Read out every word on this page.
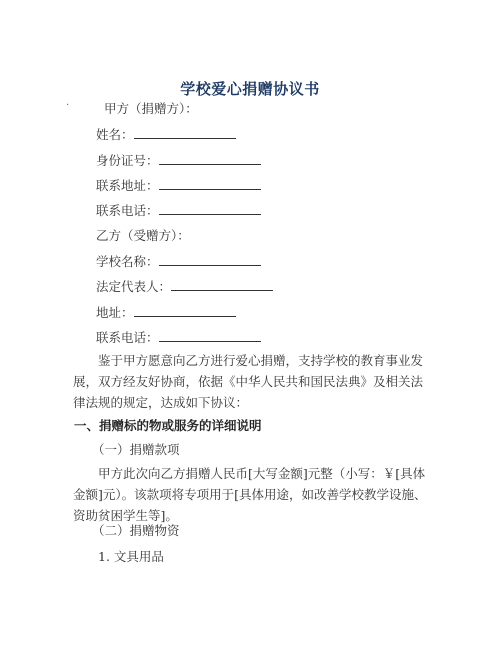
学校爱心捐赠协议书
·	甲方（捐赠方）：
姓名：
身份证号：
联系地址：
联系电话：
乙方（受赠方）：
学校名称：
法定代表人：
地址：
联系电话：
鉴于甲方愿意向乙方进行爱心捐赠，支持学校的教育事业发展，双方经友好协商，依据《中华人民共和国民法典》及相关法律法规的规定，达成如下协议：
一、捐赠标的物或服务的详细说明
（一）捐赠款项
甲方此次向乙方捐赠人民币[大写金额]元整（小写：￥[具体金额]元）。该款项将专项用于[具体用途，如改善学校教学设施、资助贫困学生等]。
（二）捐赠物资
1. 文具用品
